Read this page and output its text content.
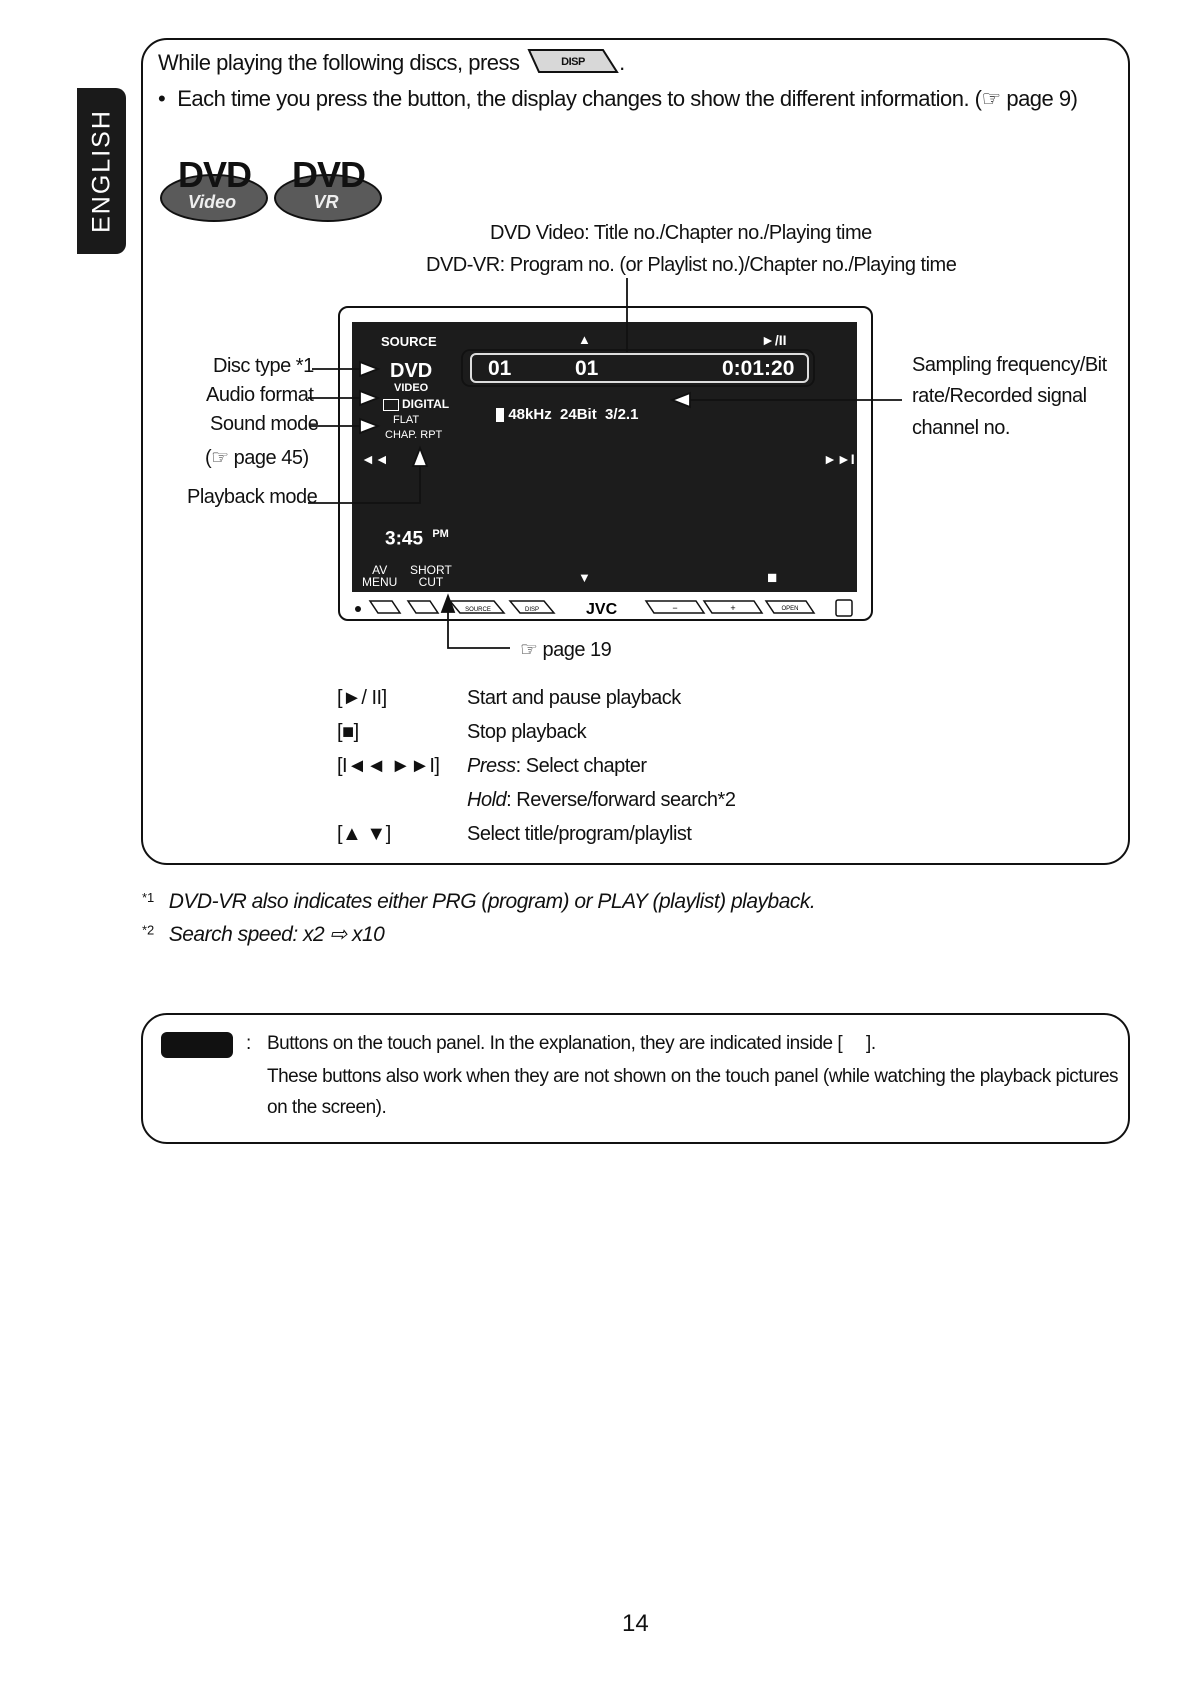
ENGLISH
While playing the following discs, press	DISP .
• Each time you press the button, the display changes to show the different information. (☞ page 9)
DVD
Video
DVD
VR
DVD Video: Title no./Chapter no./Playing time
DVD-VR: Program no. (or Playlist no.)/Chapter no./Playing time
Disc type *1
Audio format
Sound mode
(☞ page 45)
Playback mode
Sampling frequency/Bit
rate/Recorded signal
channel no.
SOURCE	▲	►/II
DVD
VIDEO
DIGITAL
FLAT
CHAP. RPT
01	01	0:01:20

48kHz  24Bit  3/2.1

◄◄	►►I
3:45 $^{PM}$
AV
MENU
SHORT
CUT	▼	■
SOURCE	DISP	JVC	−	+	OPEN
☞ page 19
[►/ II]	Start and pause playback
[■]	Stop playback
[I◄◄ ►►I] Press: Select chapter
Hold: Reverse/forward search*2
[▲ ▼]	Select title/program/playlist
$^{*1}$ DVD-VR also indicates either PRG (program) or PLAY (playlist) playback.
$^{*2}$ Search speed: x2 ⇨ x10
: Buttons on the touch panel. In the explanation, they are indicated inside [     ].
These buttons also work when they are not shown on the touch panel (while watching the playback pictures
on the screen).
14
